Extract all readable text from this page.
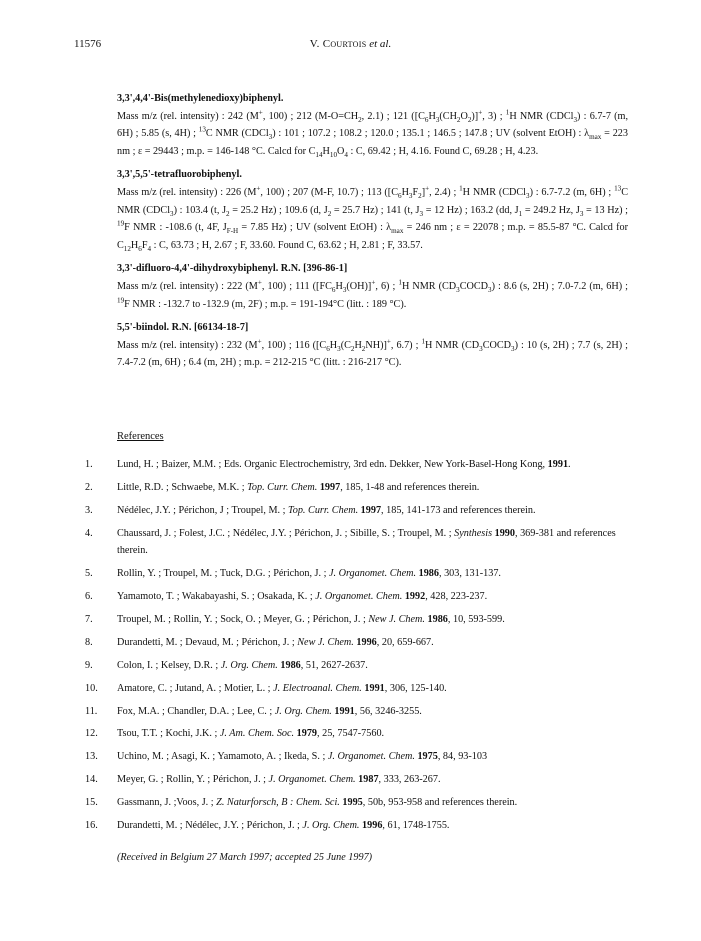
11576	V. Courtois et al.

3,3',4,4'-Bis(methylenedioxy)biphenyl.

Mass m/z (rel. intensity) : 242 (M+, 100) ; 212 ($M-O=CH_2$, 2.1) ; 121 ($[C_6H_3(CH_2O_2)]^+$, 3) ; $^1$H NMR (CDCl$_3$) : 6.7-7 (m, 6H) ; 5.85 (s, 4H) ; $^{13}$C NMR (CDCl$_3$) : 101 ; 107.2 ; 108.2 ; 120.0 ; 135.1 ; 146.5 ; 147.8 ; UV (solvent EtOH) : $\lambda_{max} = 223$ nm ; ε = 29443 ; m.p. = 146-148 °C. Calcd for $C_{14}H_{10}O_4$ : C, 69.42 ; H, 4.16. Found C, 69.28 ; H, 4.23.

3,3',5,5'-tetrafluorobiphenyl.

Mass m/z (rel. intensity) : 226 (M+, 100) ; 207 (M-F, 10.7) ; 113 ($[C_6H_3F_2]^+$, 2.4) ; $^1$H NMR (CDCl$_3$) : 6.7-7.2 (m, 6H) ; $^{13}$C NMR (CDCl$_3$) : 103.4 (t, $J_2 = 25.2$ Hz) ; 109.6 (d, $J_2 = 25.7$ Hz) ; 141 (t, $J_3 = 12$ Hz) ; 163.2 (dd, $J_1 = 249.2$ Hz, $J_3 = 13$ Hz) ; $^{19}$F NMR : -108.6 (t, 4F, $J_{F-H} = 7.85$ Hz) ; UV (solvent EtOH) : $\lambda_{max} = 246$ nm ; ε = 22078 ; m.p. = 85.5-87 °C. Calcd for $C_{12}H_6F_4$ : C, 63.73 ; H, 2.67 ; F, 33.60. Found C, 63.62 ; H, 2.81 ; F, 33.57.

3,3'-difluoro-4,4'-dihydroxybiphenyl. R.N. [396-86-1]

Mass m/z (rel. intensity) : 222 (M+, 100) ; 111 ($[FC_6H_3(OH)]^+$, 6) ; $^1$H NMR $(CD_3COCD_3)$ : 8.6 (s, 2H) ; 7.0-7.2 (m, 6H) ; $^{19}$F NMR : -132.7 to -132.9 (m, 2F) ; m.p. = 191-194°C (litt. : 189 °C).

5,5'-biindol. R.N. [66134-18-7]

Mass m/z (rel. intensity) : 232 (M+, 100) ; 116 ($[C_6H_3(C_2H_2NH)]^+$, 6.7) ; $^1$H NMR $(CD_3COCD_3)$ : 10 (s, 2H) ; 7.7 (s, 2H) ; 7.4-7.2 (m, 6H) ; 6.4 (m, 2H) ; m.p. = 212-215 °C (litt. : 216-217 °C).

References
1.	Lund, H. ; Baizer, M.M. ; Eds. Organic Electrochemistry, 3rd edn. Dekker, New York-Basel-Hong Kong, 1991.
2.	Little, R.D. ; Schwaebe, M.K. ; Top. Curr. Chem. 1997, 185, 1-48 and references therein.
3.	Nédélec, J.Y. ; Périchon, J ; Troupel, M. ; Top. Curr. Chem. 1997, 185, 141-173 and references therein.
4.	Chaussard, J. ; Folest, J.C. ; Nédélec, J.Y. ; Périchon, J. ; Sibille, S. ; Troupel, M. ; Synthesis 1990, 369-381 and references therein.
5.	Rollin, Y. ; Troupel, M. ; Tuck, D.G. ; Périchon, J. ; J. Organomet. Chem. 1986, 303, 131-137.
6.	Yamamoto, T. ; Wakabayashi, S. ; Osakada, K. ; J. Organomet. Chem. 1992, 428, 223-237.
7.	Troupel, M. ; Rollin, Y. ; Sock, O. ; Meyer, G. ; Périchon, J. ; New J. Chem. 1986, 10, 593-599.
8.	Durandetti, M. ; Devaud, M. ; Périchon, J. ; New J. Chem. 1996, 20, 659-667.
9.	Colon, I. ; Kelsey, D.R. ; J. Org. Chem. 1986, 51, 2627-2637.
10.	Amatore, C. ; Jutand, A. ; Motier, L. ; J. Electroanal. Chem. 1991, 306, 125-140.
11.	Fox, M.A. ; Chandler, D.A. ; Lee, C. ; J. Org. Chem. 1991, 56, 3246-3255.
12.	Tsou, T.T. ; Kochi, J.K. ; J. Am. Chem. Soc. 1979, 25, 7547-7560.
13.	Uchino, M. ; Asagi, K. ; Yamamoto, A. ; Ikeda, S. ; J. Organomet. Chem. 1975, 84, 93-103
14.	Meyer, G. ; Rollin, Y. ; Périchon, J. ; J. Organomet. Chem. 1987, 333, 263-267.
15.	Gassmann, J. ;Voos, J. ; Z. Naturforsch, B : Chem. Sci. 1995, 50b, 953-958 and references therein.
16.	Durandetti, M. ; Nédélec, J.Y. ; Périchon, J. ; J. Org. Chem. 1996, 61, 1748-1755.
(Received in Belgium 27 March 1997; accepted 25 June 1997)
